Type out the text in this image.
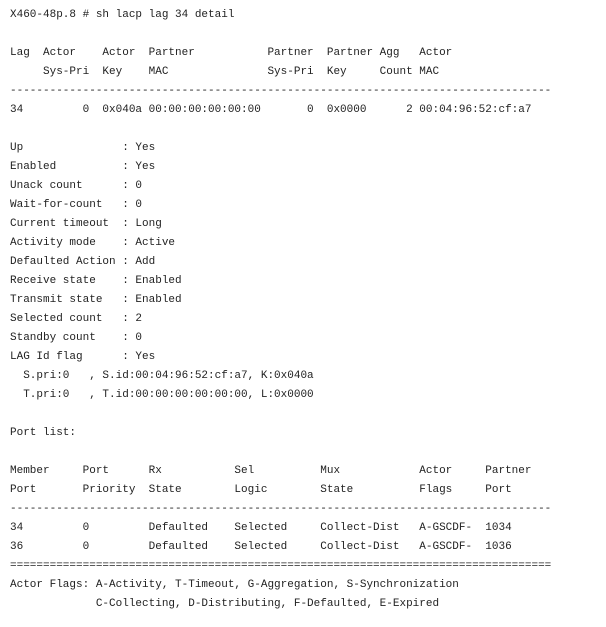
X460-48p.8 # sh lacp lag 34 detail
Lag  Actor    Actor  Partner           Partner  Partner Agg   Actor
Sys-Pri  Key    MAC               Sys-Pri  Key     Count MAC
----------------------------------------------------------------------------------
34         0  0x040a 00:00:00:00:00:00       0  0x0000      2 00:04:96:52:cf:a7
Up               : Yes
Enabled          : Yes
Unack count      : 0
Wait-for-count   : 0
Current timeout  : Long
Activity mode    : Active
Defaulted Action : Add
Receive state    : Enabled
Transmit state   : Enabled
Selected count   : 2
Standby count    : 0
LAG Id flag      : Yes
S.pri:0   , S.id:00:04:96:52:cf:a7, K:0x040a
T.pri:0   , T.id:00:00:00:00:00:00, L:0x0000
Port list:
Member     Port      Rx           Sel          Mux            Actor     Partner
Port       Priority  State        Logic        State          Flags     Port
----------------------------------------------------------------------------------
34         0         Defaulted    Selected     Collect-Dist   A-GSCDF-  1034
36         0         Defaulted    Selected     Collect-Dist   A-GSCDF-  1036
==================================================================================
Actor Flags: A-Activity, T-Timeout, G-Aggregation, S-Synchronization
C-Collecting, D-Distributing, F-Defaulted, E-Expired
